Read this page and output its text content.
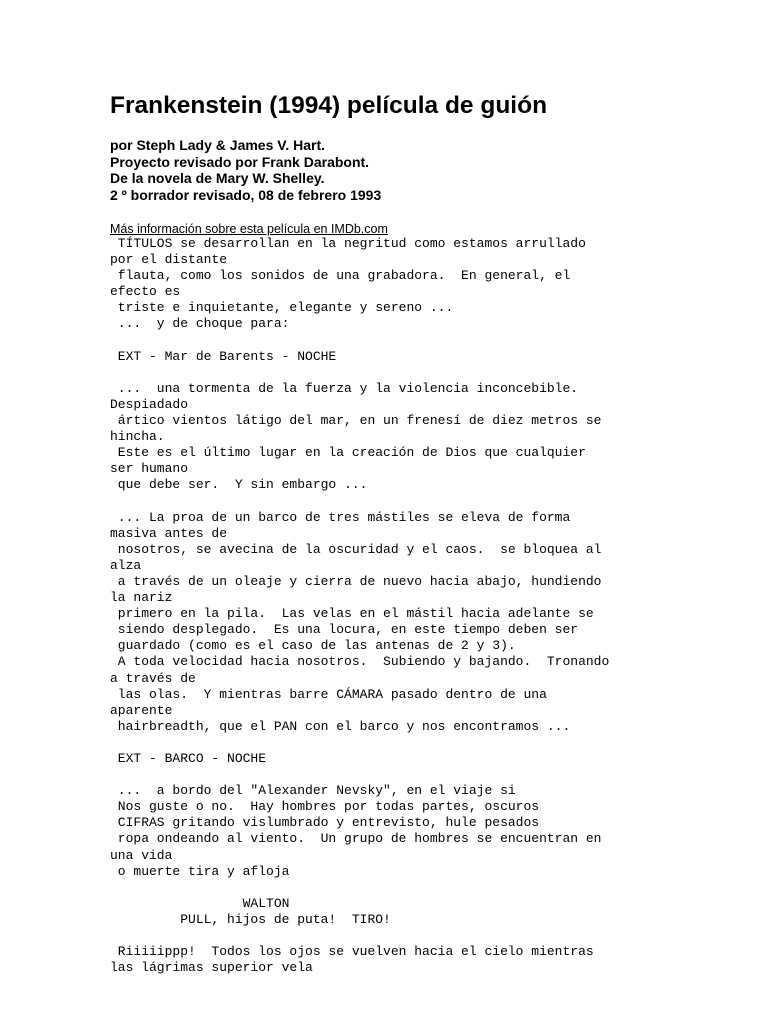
Frankenstein (1994) película de guión
por Steph Lady & James V. Hart.
Proyecto revisado por Frank Darabont.
De la novela de Mary W. Shelley.
2 º borrador revisado, 08 de febrero 1993
Más información sobre esta película en IMDb.com
TÍTULOS se desarrollan en la negritud como estamos arrullado
por el distante
flauta, como los sonidos de una grabadora.  En general, el
efecto es
triste e inquietante, elegante y sereno ...
...  y de choque para:
EXT - Mar de Barents - NOCHE
...  una tormenta de la fuerza y la violencia inconcebible.
Despiadado
ártico vientos látigo del mar, en un frenesí de diez metros se
hincha.
Este es el último lugar en la creación de Dios que cualquier
ser humano
que debe ser.  Y sin embargo ...
... La proa de un barco de tres mástiles se eleva de forma
masiva antes de
nosotros, se avecina de la oscuridad y el caos.  se bloquea al
alza
a través de un oleaje y cierra de nuevo hacia abajo, hundiendo
la nariz
primero en la pila.  Las velas en el mástil hacia adelante se
siendo desplegado.  Es una locura, en este tiempo deben ser
guardado (como es el caso de las antenas de 2 y 3).
A toda velocidad hacia nosotros.  Subiendo y bajando.  Tronando
a través de
las olas.  Y mientras barre CÁMARA pasado dentro de una
aparente
hairbreadth, que el PAN con el barco y nos encontramos ...
EXT - BARCO - NOCHE
...  a bordo del "Alexander Nevsky", en el viaje si
Nos guste o no.  Hay hombres por todas partes, oscuros
CIFRAS gritando vislumbrado y entrevisto, hule pesados
ropa ondeando al viento.  Un grupo de hombres se encuentran en
una vida
o muerte tira y afloja
WALTON
PULL, hijos de puta!  TIRO!
Riiiiippp!  Todos los ojos se vuelven hacia el cielo mientras
las lágrimas superior vela
